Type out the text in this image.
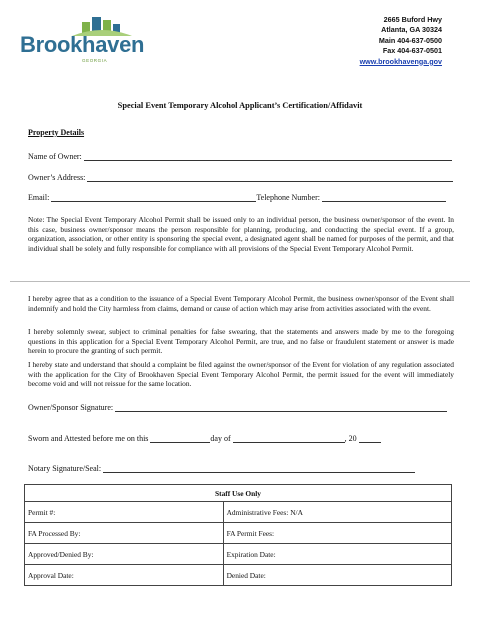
Brookhaven
GEORGIA
2665 Buford Hwy
Atlanta, GA 30324
Main 404-637-0500
Fax 404-637-0501
www.brookhavenga.gov
Special Event Temporary Alcohol Applicant’s Certification/Affidavit
Property Details
Name of Owner:
Owner’s Address:
Email:	Telephone Number:
Note: The Special Event Temporary Alcohol Permit shall be issued only to an individual person, the business owner/sponsor of the event. In this case, business owner/sponsor means the person responsible for planning, producing, and conducting the special event. If a group, organization, association, or other entity is sponsoring the special event, a designated agent shall be named for purposes of the permit, and that individual shall be solely and fully responsible for compliance with all provisions of the Special Event Temporary Alcohol Permit.
I hereby agree that as a condition to the issuance of a Special Event Temporary Alcohol Permit, the business owner/sponsor of the Event shall indemnify and hold the City harmless from claims, demand or cause of action which may arise from activities associated with the event.
I hereby solemnly swear, subject to criminal penalties for false swearing, that the statements and answers made by me to the foregoing questions in this application for a Special Event Temporary Alcohol Permit, are true, and no false or fraudulent statement or answer is made herein to procure the granting of such permit.
I hereby state and understand that should a complaint be filed against the owner/sponsor of the Event for violation of any regulation associated with the application for the City of Brookhaven Special Event Temporary Alcohol Permit, the permit issued for the event will immediately become void and will not reissue for the same location.
Owner/Sponsor Signature:
Sworn and Attested before me on this	day of	, 20
Notary Signature/Seal:
Staff Use Only	
Permit #:	Administrative Fees: N/A
FA Processed By:	FA Permit Fees:
Approved/Denied By:	Expiration Date:
Approval Date:	Denied Date:
